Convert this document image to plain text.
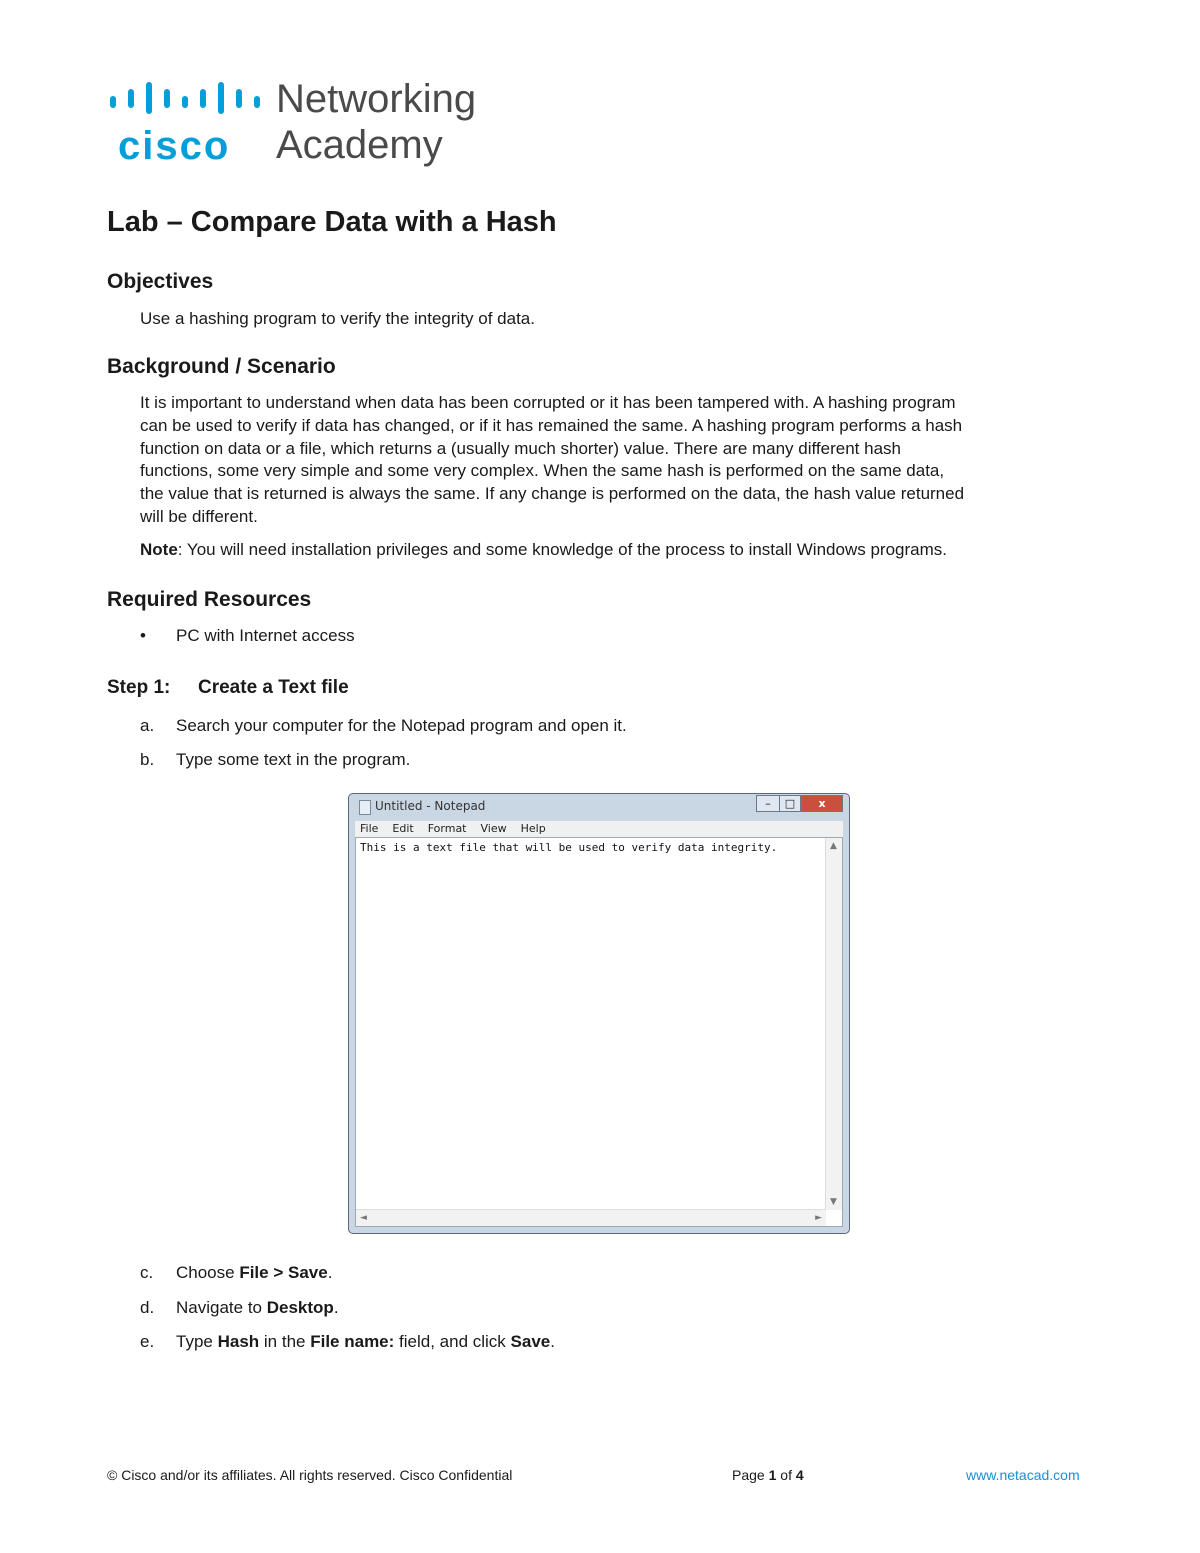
cisco
Networking
Academy
Lab – Compare Data with a Hash
Objectives
Use a hashing program to verify the integrity of data.
Background / Scenario
It is important to understand when data has been corrupted or it has been tampered with. A hashing program
can be used to verify if data has changed, or if it has remained the same. A hashing program performs a hash
function on data or a file, which returns a (usually much shorter) value. There are many different hash
functions, some very simple and some very complex. When the same hash is performed on the same data,
the value that is returned is always the same. If any change is performed on the data, the hash value returned
will be different.
Note: You will need installation privileges and some knowledge of the process to install Windows programs.
Required Resources
• PC with Internet access
Step 1: Create a Text file
a. Search your computer for the Notepad program and open it.
b. Type some text in the program.
Untitled - Notepad	–	□	x
File Edit Format View Help
This is a text file that will be used to verify data integrity.	▲
▼
◄	►
c. Choose File > Save.
d. Navigate to Desktop.
e. Type Hash in the File name: field, and click Save.
© Cisco and/or its affiliates. All rights reserved. Cisco Confidential	Page 1 of 4	www.netacad.com
